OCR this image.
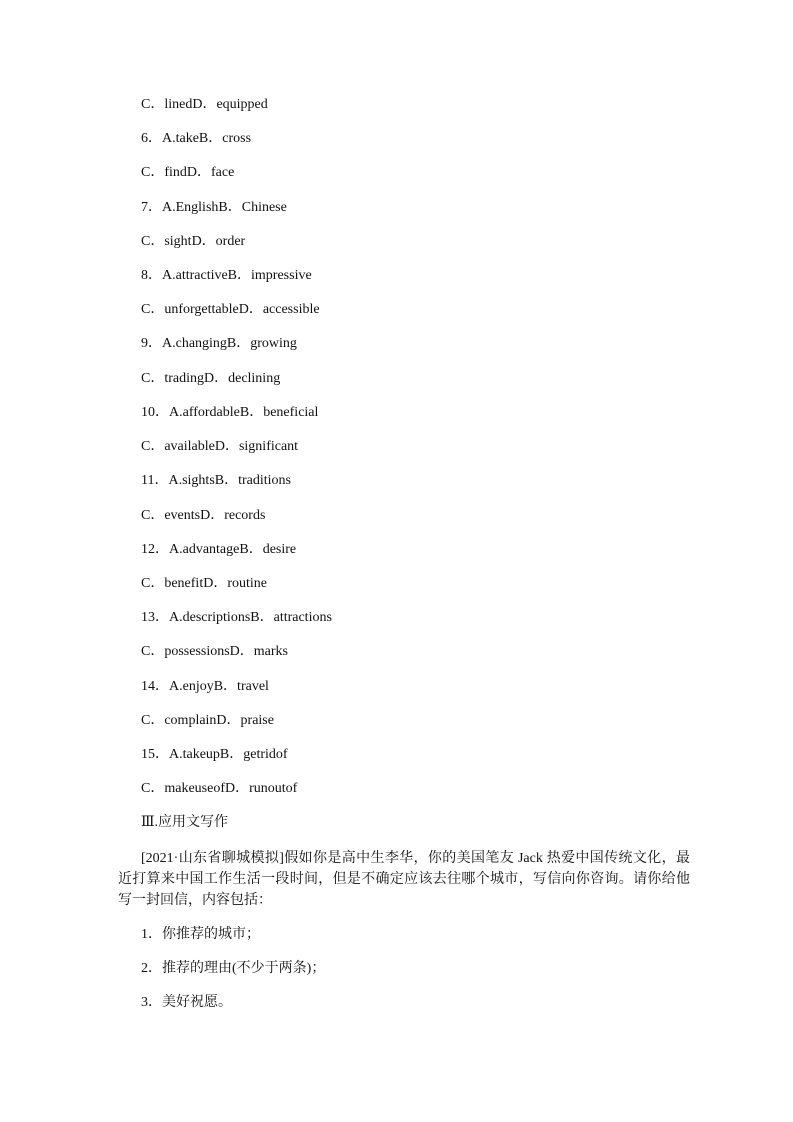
C．linedD．equipped
6．A.takeB．cross
C．findD．face
7．A.EnglishB．Chinese
C．sightD．order
8．A.attractiveB．impressive
C．unforgettableD．accessible
9．A.changingB．growing
C．tradingD．declining
10．A.affordableB．beneficial
C．availableD．significant
11．A.sightsB．traditions
C．eventsD．records
12．A.advantageB．desire
C．benefitD．routine
13．A.descriptionsB．attractions
C．possessionsD．marks
14．A.enjoyB．travel
C．complainD．praise
15．A.takeupB．getridof
C．makeuseofD．runoutof
Ⅲ.应用文写作
[2021·山东省聊城模拟]假如你是高中生李华，你的美国笔友 Jack 热爱中国传统文化，最近打算来中国工作生活一段时间，但是不确定应该去往哪个城市，写信向你咨询。请你给他写一封回信，内容包括：
1．你推荐的城市；
2．推荐的理由(不少于两条)；
3．美好祝愿。
